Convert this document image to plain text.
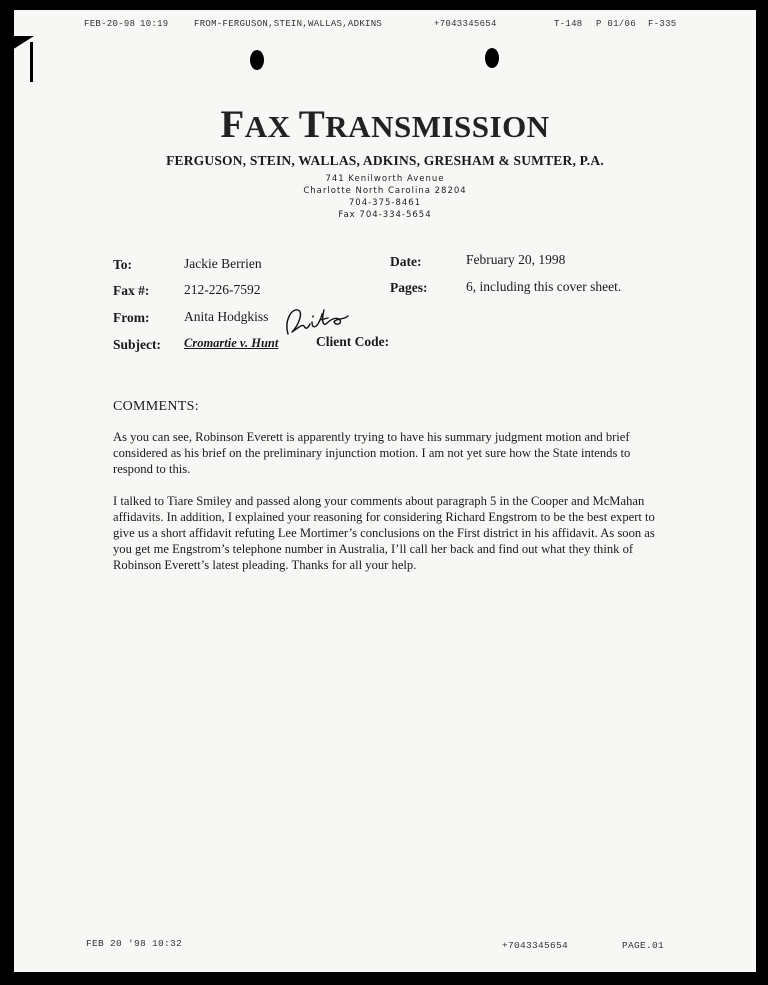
FEB-20-98 10:19	FROM-FERGUSON,STEIN,WALLAS,ADKINS	+7043345654	T-148 P 01/06 F-335
FAX TRANSMISSION
FERGUSON, STEIN, WALLAS, ADKINS, GRESHAM & SUMTER, P.A.
741 Kenilworth Avenue
Charlotte North Carolina 28204
704-375-8461
Fax 704-334-5654
To:	Jackie Berrien	Date:	February 20, 1998
Fax #:	212-226-7592	Pages:	6, including this cover sheet.
From:	Anita Hodgkiss
Subject: Cromartie v. Hunt	Client Code:
COMMENTS:

As you can see, Robinson Everett is apparently trying to have his summary judgment motion and brief considered as his brief on the preliminary injunction motion. I am not yet sure how the State intends to respond to this.

I talked to Tiare Smiley and passed along your comments about paragraph 5 in the Cooper and McMahan affidavits. In addition, I explained your reasoning for considering Richard Engstrom to be the best expert to give us a short affidavit refuting Lee Mortimer’s conclusions on the First district in his affidavit. As soon as you get me Engstrom’s telephone number in Australia, I’ll call her back and find out what they think of Robinson Everett’s latest pleading. Thanks for all your help.

FEB 20 '98 10:32	+7043345654	PAGE.01
